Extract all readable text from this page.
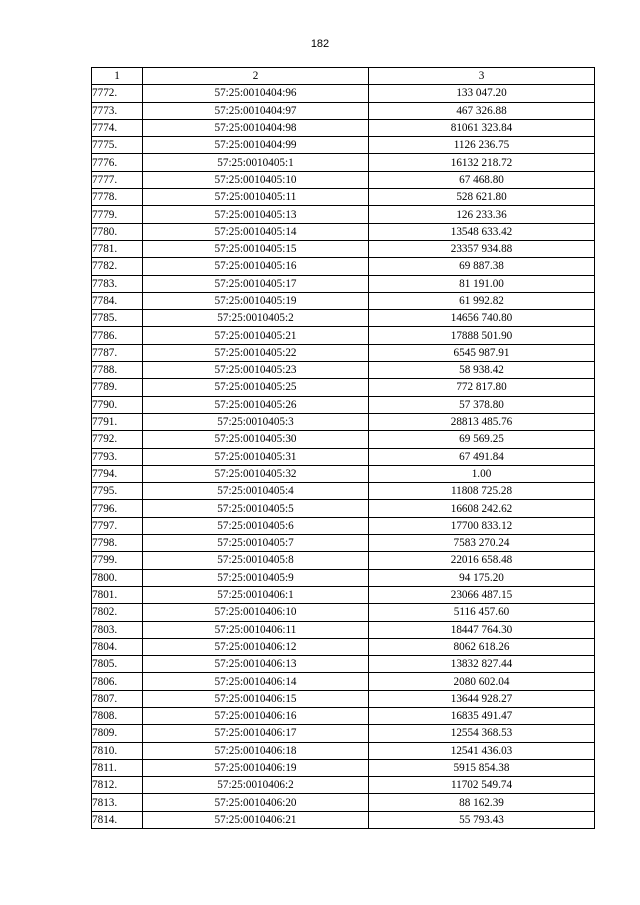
182
1	2	3
7772.	57:25:0010404:96	133 047.20
7773.	57:25:0010404:97	467 326.88
7774.	57:25:0010404:98	81061 323.84
7775.	57:25:0010404:99	1126 236.75
7776.	57:25:0010405:1	16132 218.72
7777.	57:25:0010405:10	67 468.80
7778.	57:25:0010405:11	528 621.80
7779.	57:25:0010405:13	126 233.36
7780.	57:25:0010405:14	13548 633.42
7781.	57:25:0010405:15	23357 934.88
7782.	57:25:0010405:16	69 887.38
7783.	57:25:0010405:17	81 191.00
7784.	57:25:0010405:19	61 992.82
7785.	57:25:0010405:2	14656 740.80
7786.	57:25:0010405:21	17888 501.90
7787.	57:25:0010405:22	6545 987.91
7788.	57:25:0010405:23	58 938.42
7789.	57:25:0010405:25	772 817.80
7790.	57:25:0010405:26	57 378.80
7791.	57:25:0010405:3	28813 485.76
7792.	57:25:0010405:30	69 569.25
7793.	57:25:0010405:31	67 491.84
7794.	57:25:0010405:32	1.00
7795.	57:25:0010405:4	11808 725.28
7796.	57:25:0010405:5	16608 242.62
7797.	57:25:0010405:6	17700 833.12
7798.	57:25:0010405:7	7583 270.24
7799.	57:25:0010405:8	22016 658.48
7800.	57:25:0010405:9	94 175.20
7801.	57:25:0010406:1	23066 487.15
7802.	57:25:0010406:10	5116 457.60
7803.	57:25:0010406:11	18447 764.30
7804.	57:25:0010406:12	8062 618.26
7805.	57:25:0010406:13	13832 827.44
7806.	57:25:0010406:14	2080 602.04
7807.	57:25:0010406:15	13644 928.27
7808.	57:25:0010406:16	16835 491.47
7809.	57:25:0010406:17	12554 368.53
7810.	57:25:0010406:18	12541 436.03
7811.	57:25:0010406:19	5915 854.38
7812.	57:25:0010406:2	11702 549.74
7813.	57:25:0010406:20	88 162.39
7814.	57:25:0010406:21	55 793.43
